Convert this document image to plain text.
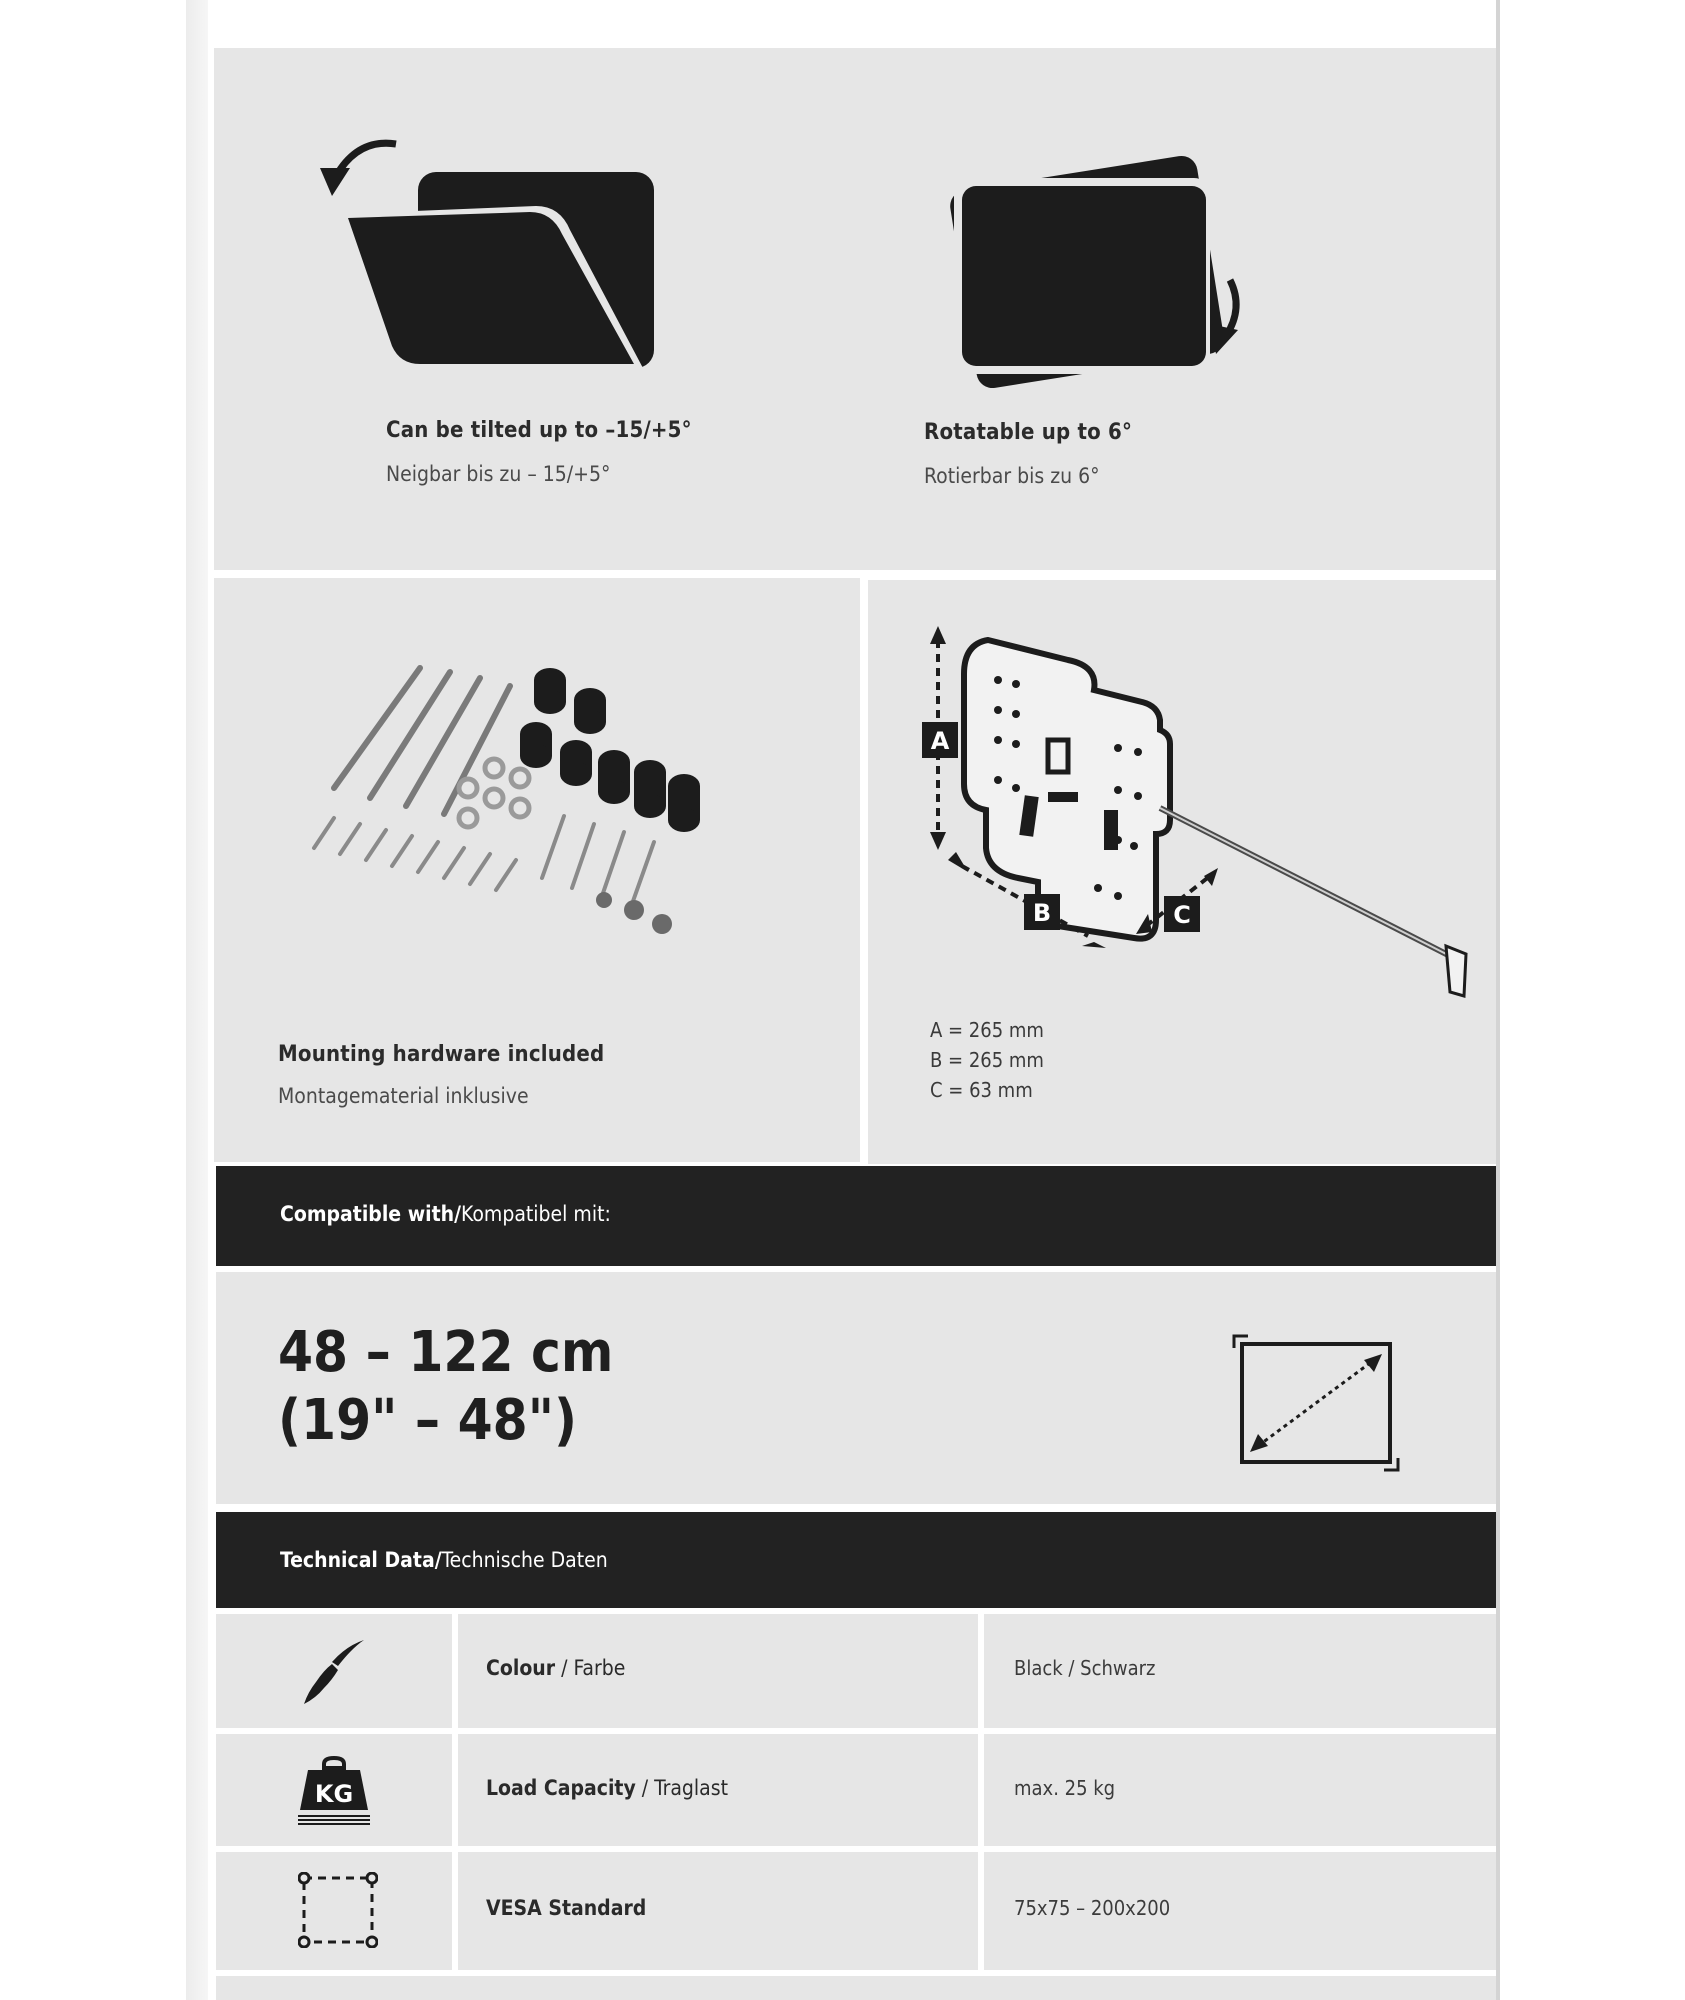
Can be tilted up to –15/+5°
Neigbar bis zu – 15/+5°
Rotatable up to 6°
Rotierbar bis zu 6°
Mounting hardware included
Montagematerial inklusive
A
B	C
A = 265 mm
B = 265 mm
C = 63 mm
Compatible with/Kompatibel mit:
48 – 122 cm
(19" – 48")
Technical Data/Technische Daten
Colour / Farbe	Black / Schwarz
KG	Load Capacity / Traglast	max. 25 kg
VESA Standard	75x75 – 200x200
